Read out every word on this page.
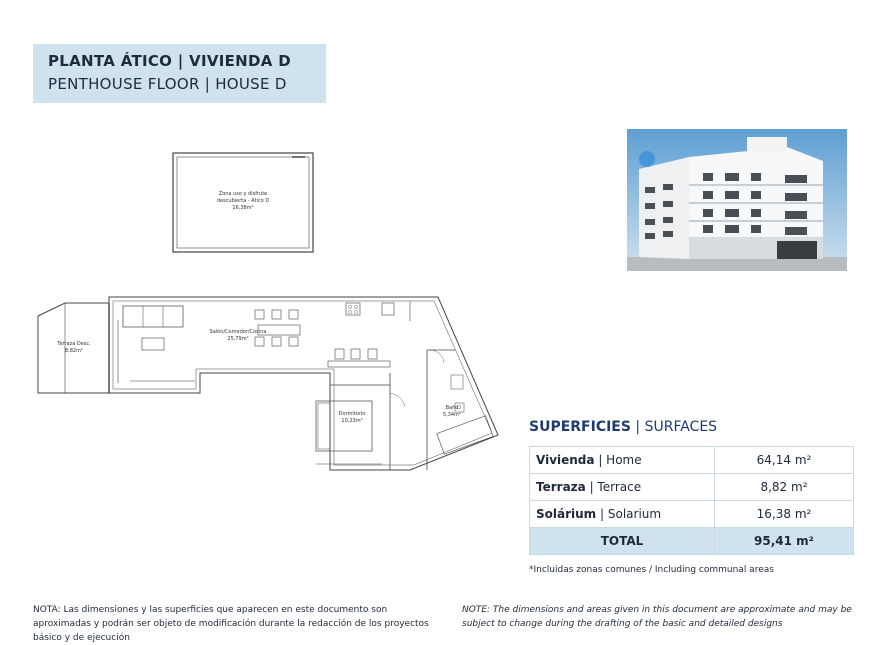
PLANTA ÁTICO | VIVIENDA D
PENTHOUSE FLOOR | HOUSE D
Zona uso y disfrute
descubierta - Ático D
16,38m²
Terraza Desc.
8,82m²
Salón/Comedor/Cocina
25,79m²
Dormitorio
10,23m²
Baño
5,34m²
SUPERFICIES | SURFACES
Vivienda | Home	64,14 m²
Terraza | Terrace	8,82 m²
Solárium | Solarium	16,38 m²
TOTAL	95,41 m²
*Incluidas zonas comunes / Including communal areas
NOTA: Las dimensiones y las superficies que aparecen en este documento son aproximadas y podrán ser objeto de modificación durante la redacción de los proyectos básico y de ejecución
NOTE: The dimensions and areas given in this document are approximate and may be subject to change during the drafting of the basic and detailed designs
